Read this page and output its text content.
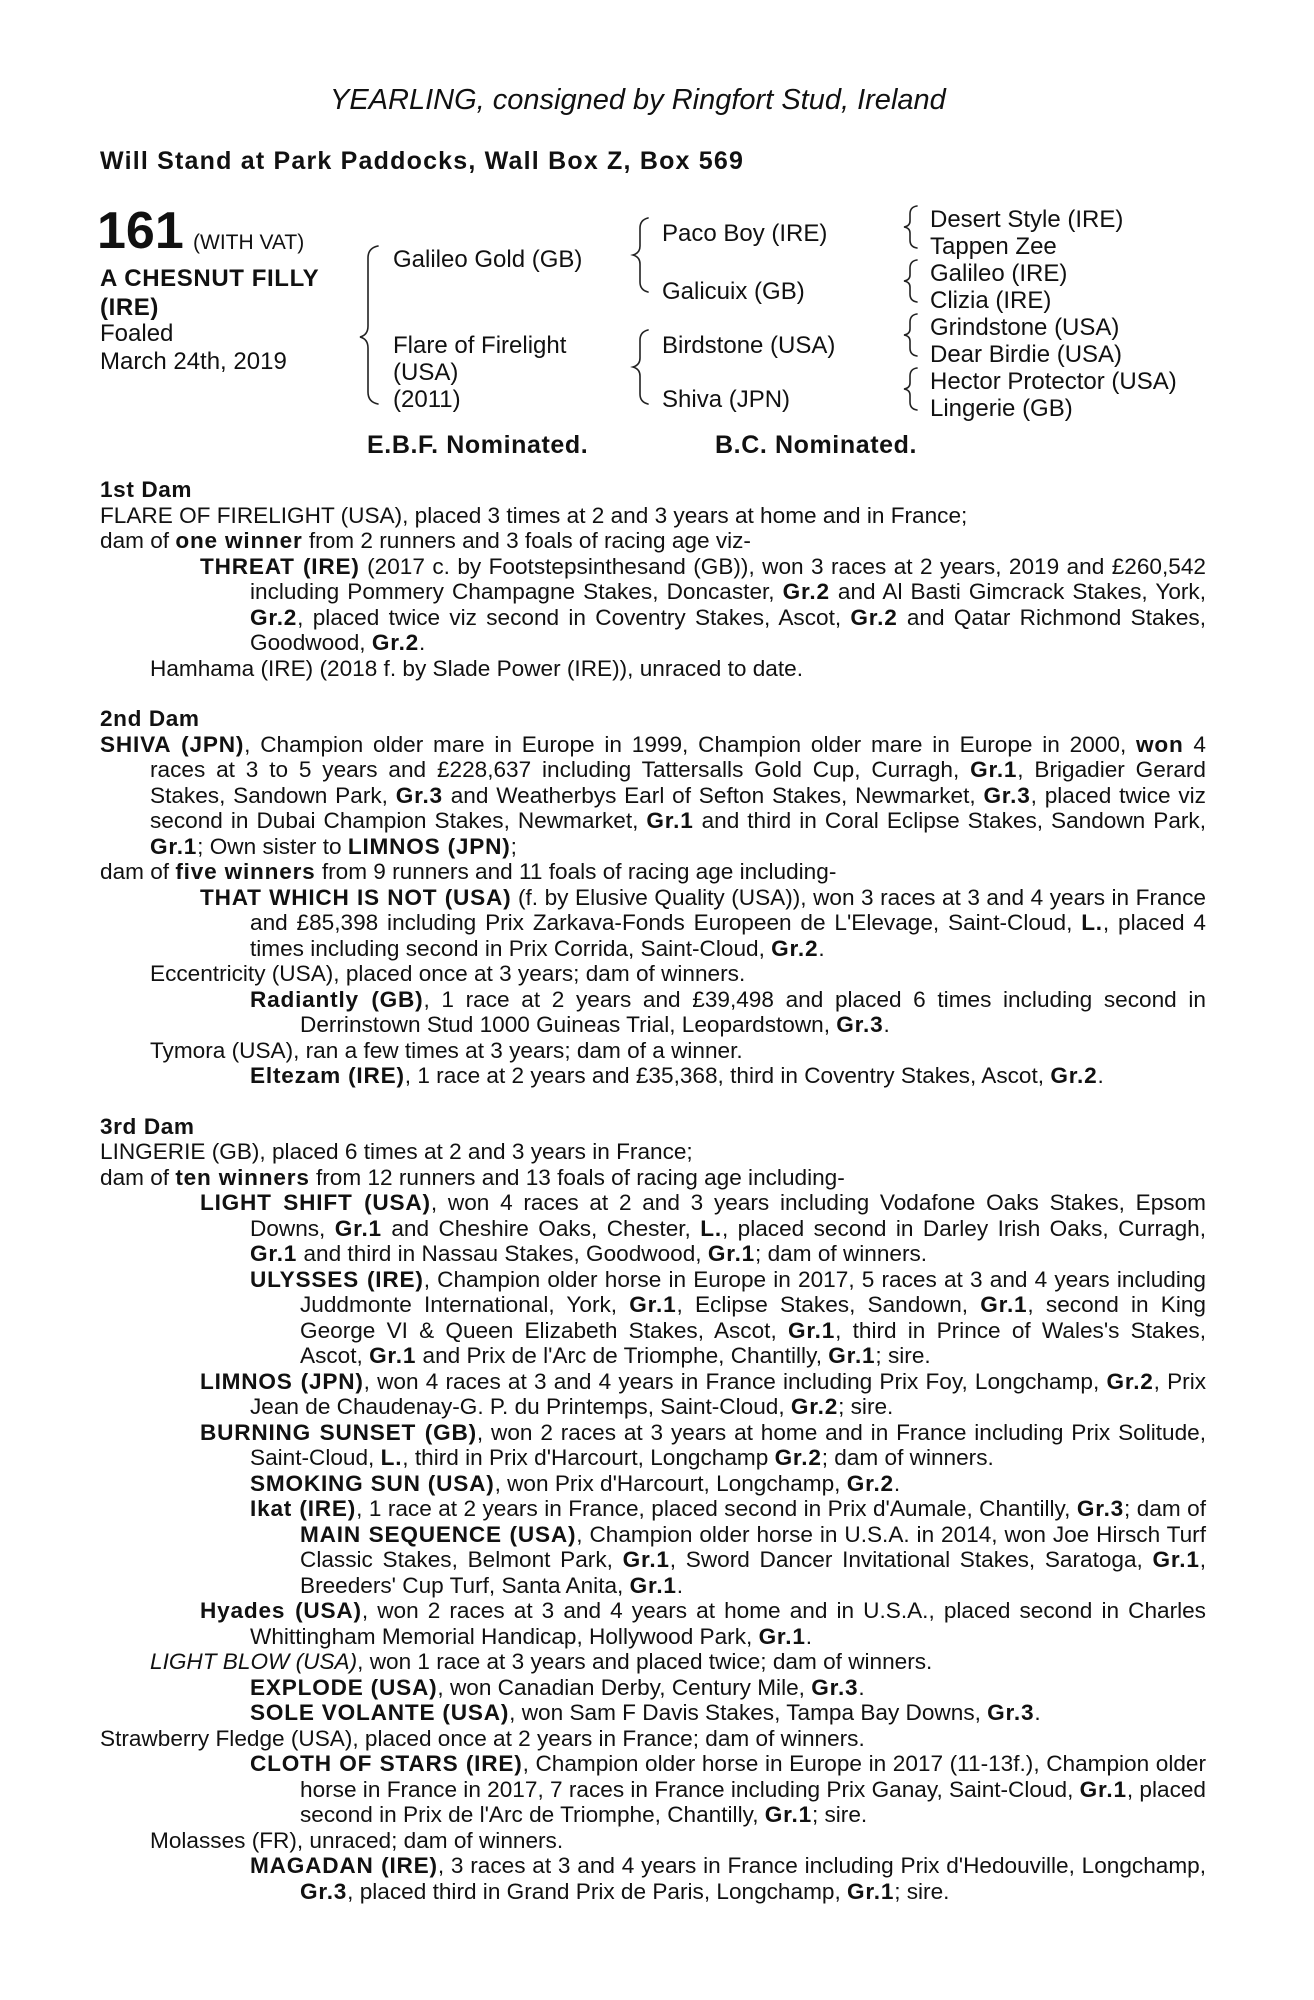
YEARLING, consigned by Ringfort Stud, Ireland
Will Stand at Park Paddocks, Wall Box Z, Box 569
161 (WITH VAT)
A CHESNUT FILLY
(IRE)
Foaled
March 24th, 2019
Galileo Gold (GB)
Flare of Firelight
(USA)
(2011)
Paco Boy (IRE)
Galicuix (GB)
Birdstone (USA)
Shiva (JPN)
Desert Style (IRE)
Tappen Zee
Galileo (IRE)
Clizia (IRE)
Grindstone (USA)
Dear Birdie (USA)
Hector Protector (USA)
Lingerie (GB)
E.B.F. Nominated.	B.C. Nominated.
1st Dam
FLARE OF FIRELIGHT (USA), placed 3 times at 2 and 3 years at home and in France;
dam of one winner from 2 runners and 3 foals of racing age viz-
THREAT (IRE) (2017 c. by Footstepsinthesand (GB)), won 3 races at 2 years, 2019 and £260,542 including Pommery Champagne Stakes, Doncaster, Gr.2 and Al Basti Gimcrack Stakes, York, Gr.2, placed twice viz second in Coventry Stakes, Ascot, Gr.2 and Qatar Richmond Stakes, Goodwood, Gr.2.
Hamhama (IRE) (2018 f. by Slade Power (IRE)), unraced to date.
2nd Dam
SHIVA (JPN), Champion older mare in Europe in 1999, Champion older mare in Europe in 2000, won 4 races at 3 to 5 years and £228,637 including Tattersalls Gold Cup, Curragh, Gr.1, Brigadier Gerard Stakes, Sandown Park, Gr.3 and Weatherbys Earl of Sefton Stakes, Newmarket, Gr.3, placed twice viz second in Dubai Champion Stakes, Newmarket, Gr.1 and third in Coral Eclipse Stakes, Sandown Park, Gr.1; Own sister to LIMNOS (JPN);
dam of five winners from 9 runners and 11 foals of racing age including-
THAT WHICH IS NOT (USA) (f. by Elusive Quality (USA)), won 3 races at 3 and 4 years in France and £85,398 including Prix Zarkava-Fonds Europeen de L'Elevage, Saint-Cloud, L., placed 4 times including second in Prix Corrida, Saint-Cloud, Gr.2.
Eccentricity (USA), placed once at 3 years; dam of winners.
Radiantly (GB), 1 race at 2 years and £39,498 and placed 6 times including second in Derrinstown Stud 1000 Guineas Trial, Leopardstown, Gr.3.
Tymora (USA), ran a few times at 3 years; dam of a winner.
Eltezam (IRE), 1 race at 2 years and £35,368, third in Coventry Stakes, Ascot, Gr.2.
3rd Dam
LINGERIE (GB), placed 6 times at 2 and 3 years in France;
dam of ten winners from 12 runners and 13 foals of racing age including-
LIGHT SHIFT (USA), won 4 races at 2 and 3 years including Vodafone Oaks Stakes, Epsom Downs, Gr.1 and Cheshire Oaks, Chester, L., placed second in Darley Irish Oaks, Curragh, Gr.1 and third in Nassau Stakes, Goodwood, Gr.1; dam of winners.
ULYSSES (IRE), Champion older horse in Europe in 2017, 5 races at 3 and 4 years including Juddmonte International, York, Gr.1, Eclipse Stakes, Sandown, Gr.1, second in King George VI & Queen Elizabeth Stakes, Ascot, Gr.1, third in Prince of Wales's Stakes, Ascot, Gr.1 and Prix de l'Arc de Triomphe, Chantilly, Gr.1; sire.
LIMNOS (JPN), won 4 races at 3 and 4 years in France including Prix Foy, Longchamp, Gr.2, Prix Jean de Chaudenay-G. P. du Printemps, Saint-Cloud, Gr.2; sire.
BURNING SUNSET (GB), won 2 races at 3 years at home and in France including Prix Solitude, Saint-Cloud, L., third in Prix d'Harcourt, Longchamp Gr.2; dam of winners.
SMOKING SUN (USA), won Prix d'Harcourt, Longchamp, Gr.2.
Ikat (IRE), 1 race at 2 years in France, placed second in Prix d'Aumale, Chantilly, Gr.3; dam of MAIN SEQUENCE (USA), Champion older horse in U.S.A. in 2014, won Joe Hirsch Turf Classic Stakes, Belmont Park, Gr.1, Sword Dancer Invitational Stakes, Saratoga, Gr.1, Breeders' Cup Turf, Santa Anita, Gr.1.
Hyades (USA), won 2 races at 3 and 4 years at home and in U.S.A., placed second in Charles Whittingham Memorial Handicap, Hollywood Park, Gr.1.
LIGHT BLOW (USA), won 1 race at 3 years and placed twice; dam of winners.
EXPLODE (USA), won Canadian Derby, Century Mile, Gr.3.
SOLE VOLANTE (USA), won Sam F Davis Stakes, Tampa Bay Downs, Gr.3.
Strawberry Fledge (USA), placed once at 2 years in France; dam of winners.
CLOTH OF STARS (IRE), Champion older horse in Europe in 2017 (11-13f.), Champion older horse in France in 2017, 7 races in France including Prix Ganay, Saint-Cloud, Gr.1, placed second in Prix de l'Arc de Triomphe, Chantilly, Gr.1; sire.
Molasses (FR), unraced; dam of winners.
MAGADAN (IRE), 3 races at 3 and 4 years in France including Prix d'Hedouville, Longchamp, Gr.3, placed third in Grand Prix de Paris, Longchamp, Gr.1; sire.
